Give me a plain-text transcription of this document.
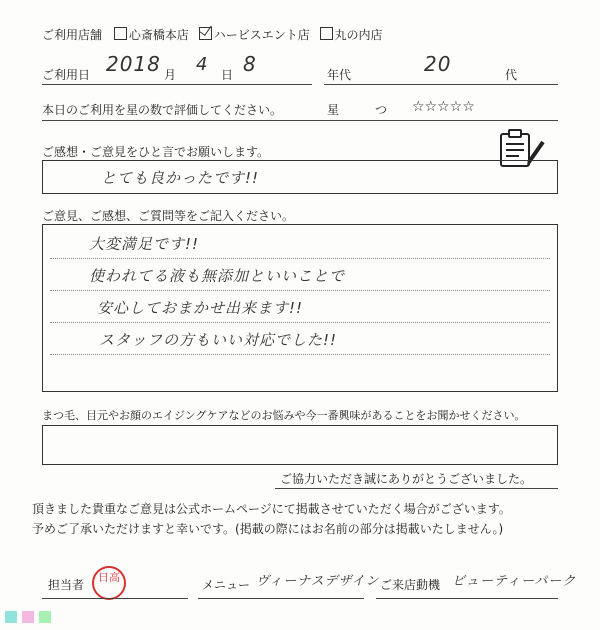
ご利用店舗 心斎橋本店 ハービスエント店 丸の内店
ご利用日 2018 月 4 日 8	年代	20	代
本日のご利用を星の数で評価してください。	星	つ ☆☆☆☆☆
ご感想・ご意見をひと言でお願いします。
とても良かったです!!
ご意見、ご感想、ご質問等をご記入ください。
大変満足です!!
使われてる液も無添加といいことで
安心しておまかせ出来ます!!
スタッフの方もいい対応でした!!
まつ毛、目元やお顔のエイジングケアなどのお悩みや今一番興味があることをお聞かせください。
ご協力いただき誠にありがとうございました。
頂きました貴重なご意見は公式ホームページにて掲載させていただく場合がございます。
予めご了承いただけますと幸いです。(掲載の際にはお名前の部分は掲載いたしません。)
担当者
日高
メニュー ヴィーナスデザイン ご来店動機 ビューティーパーク
